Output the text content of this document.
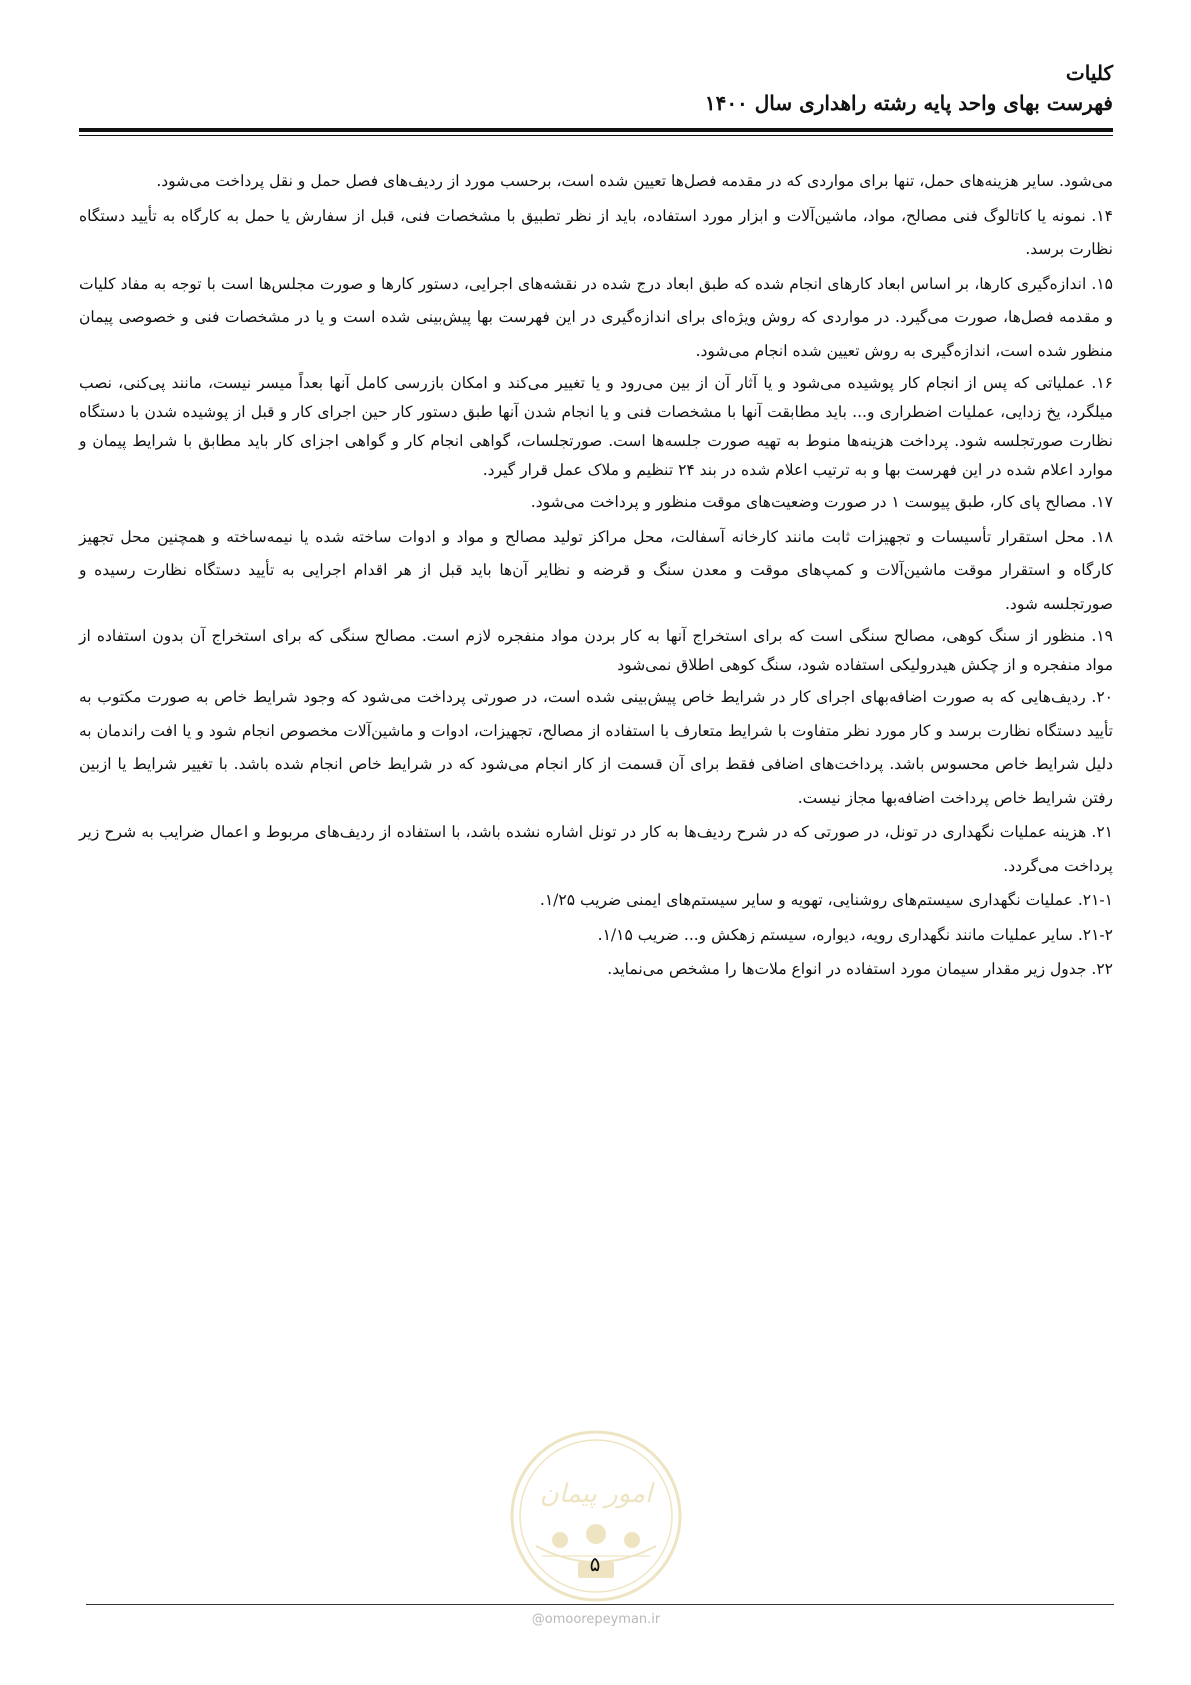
کلیات

فهرست بهای واحد پایه رشته راهداری سال ۱۴۰۰

می‌شود. سایر هزینه‌های حمل، تنها برای مواردی که در مقدمه فصل‌ها تعیین شده است، برحسب مورد از ردیف‌های فصل حمل و نقل پرداخت می‌شود.

۱۴. نمونه یا کاتالوگ فنی مصالح، مواد، ماشین‌آلات و ابزار مورد استفاده، باید از نظر تطبیق با مشخصات فنی، قبل از سفارش یا حمل به کارگاه به تأیید دستگاه نظارت برسد.

۱۵. اندازه‌گیری کارها، بر اساس ابعاد کارهای انجام شده که طبق ابعاد درج شده در نقشه‌های اجرایی، دستور کارها و صورت مجلس‌ها است با توجه به مفاد کلیات و مقدمه فصل‌ها، صورت می‌گیرد. در مواردی که روش ویژه‌ای برای اندازه‌گیری در این فهرست بها پیش‌بینی شده است و یا در مشخصات فنی و خصوصی پیمان منظور شده است، اندازه‌گیری به روش تعیین شده انجام می‌شود.

۱۶. عملیاتی که پس از انجام کار پوشیده می‌شود و یا آثار آن از بین می‌رود و یا تغییر می‌کند و امکان بازرسی کامل آنها بعداً میسر نیست، مانند پی‌کنی، نصب میلگرد، یخ زدایی، عملیات اضطراری و... باید مطابقت آنها با مشخصات فنی و یا انجام شدن آنها طبق دستور کار حین اجرای کار و قبل از پوشیده شدن با دستگاه نظارت صورتجلسه شود. پرداخت هزینه‌ها منوط به تهیه صورت جلسه‌ها است. صورتجلسات، گواهی انجام کار و گواهی اجزای کار باید مطابق با شرایط پیمان و موارد اعلام شده در این فهرست بها و به ترتیب اعلام شده در بند ۲۴ تنظیم و ملاک عمل قرار گیرد.

۱۷. مصالح پای کار، طبق پیوست ۱ در صورت وضعیت‌های موقت منظور و پرداخت می‌شود.

۱۸. محل استقرار تأسیسات و تجهیزات ثابت مانند کارخانه آسفالت، محل مراکز تولید مصالح و مواد و ادوات ساخته شده یا نیمه‌ساخته و همچنین محل تجهیز کارگاه و استقرار موقت ماشین‌آلات و کمپ‌های موقت و معدن سنگ و قرضه و نظایر آن‌ها باید قبل از هر اقدام اجرایی به تأیید دستگاه نظارت رسیده و صورتجلسه شود.

۱۹. منظور از سنگ کوهی، مصالح سنگی است که برای استخراج آنها به کار بردن مواد منفجره لازم است. مصالح سنگی که برای استخراج آن بدون استفاده از مواد منفجره و از چکش هیدرولیکی استفاده شود، سنگ کوهی اطلاق نمی‌شود

۲۰. ردیف‌هایی که به صورت اضافه‌بهای اجرای کار در شرایط خاص پیش‌بینی شده است، در صورتی پرداخت می‌شود که وجود شرایط خاص به صورت مکتوب به تأیید دستگاه نظارت برسد و کار مورد نظر متفاوت با شرایط متعارف با استفاده از مصالح، تجهیزات، ادوات و ماشین‌آلات مخصوص انجام شود و یا افت راندمان به دلیل شرایط خاص محسوس باشد. پرداخت‌های اضافی فقط برای آن قسمت از کار انجام می‌شود که در شرایط خاص انجام شده باشد. با تغییر شرایط یا ازبین رفتن شرایط خاص پرداخت اضافه‌بها مجاز نیست.

۲۱. هزینه عملیات نگهداری در تونل، در صورتی که در شرح ردیف‌ها به کار در تونل اشاره نشده باشد، با استفاده از ردیف‌های مربوط و اعمال ضرایب به شرح زیر پرداخت می‌گردد.

۲۱-۱. عملیات نگهداری سیستم‌های روشنایی، تهویه و سایر سیستم‌های ایمنی ضریب ۱/۲۵.

۲۱-۲. سایر عملیات مانند نگهداری رویه، دیواره، سیستم زهکش و... ضریب ۱/۱۵.

۲۲. جدول زیر مقدار سیمان مورد استفاده در انواع ملات‌ها را مشخص می‌نماید.

امور پیمان
۵
@omoorepeyman.ir
